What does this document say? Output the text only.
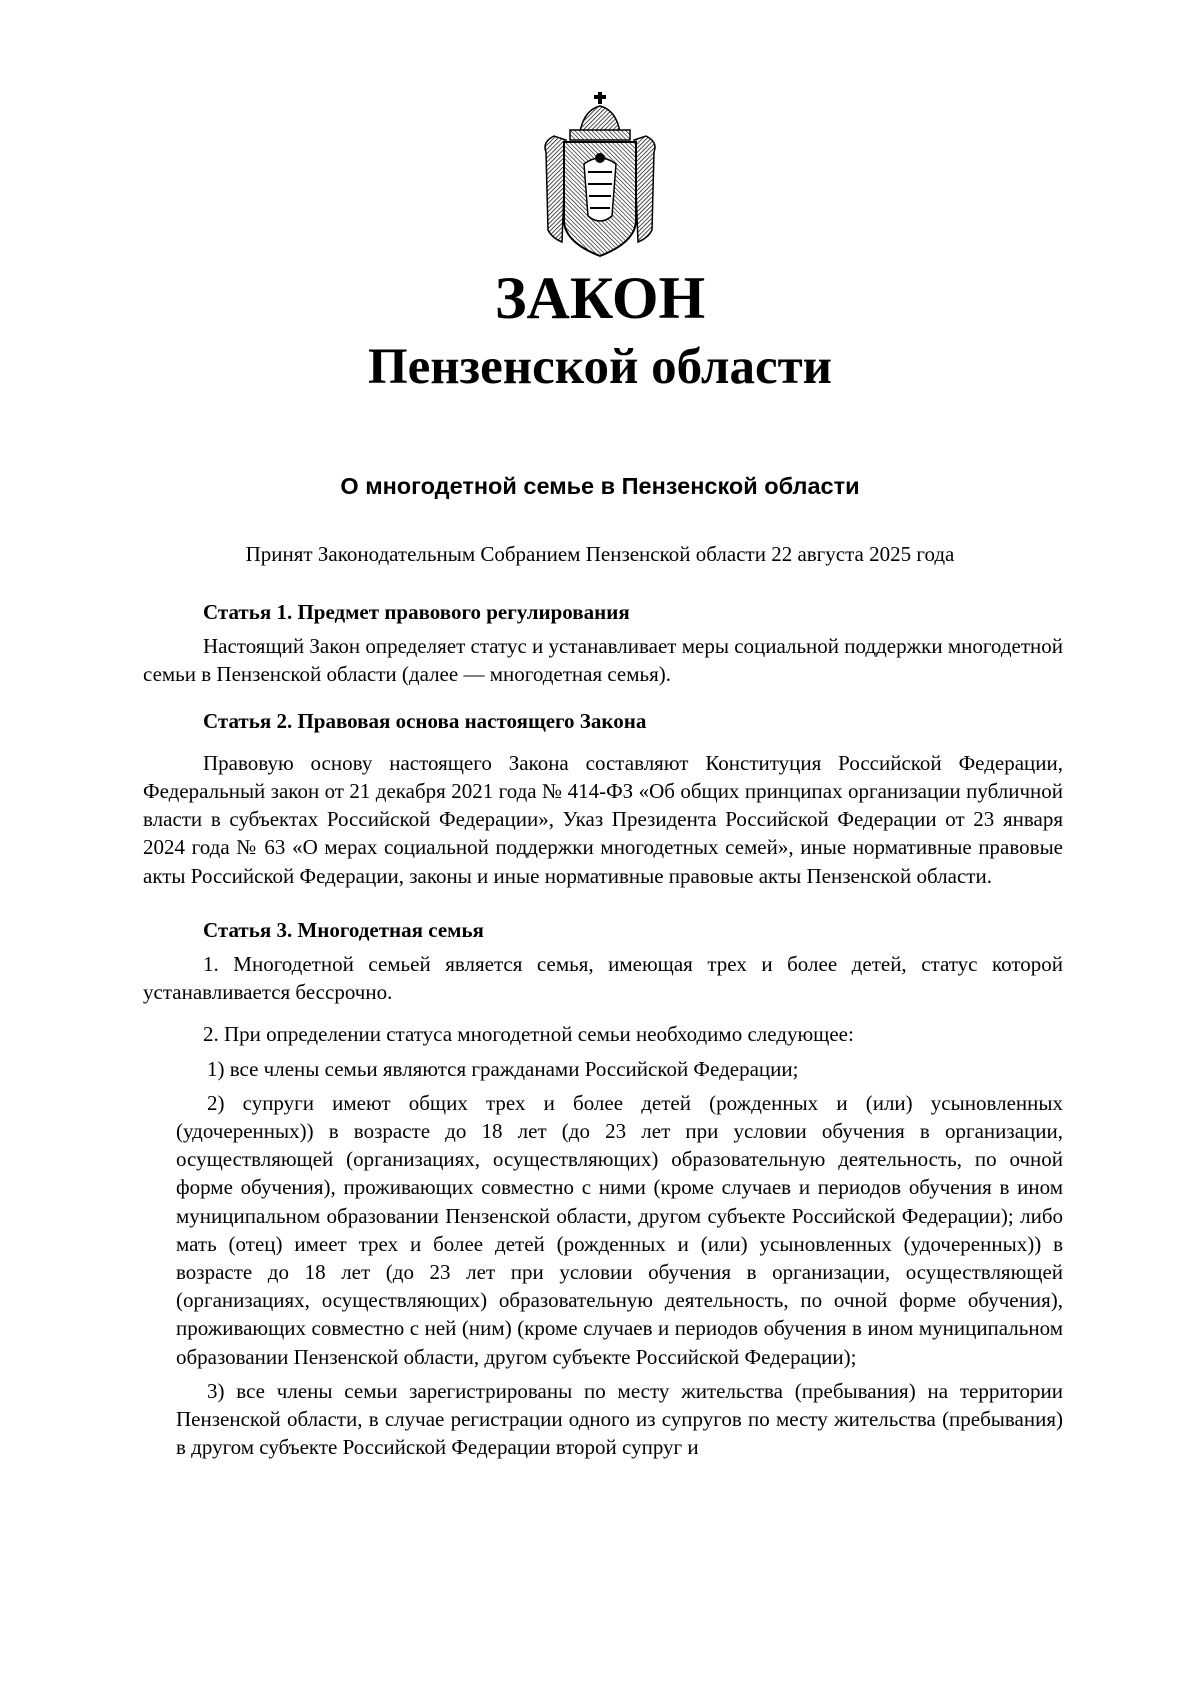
ЗАКОН
Пензенской области
О многодетной семье в Пензенской области

Принят Законодательным Собранием Пензенской области 22 августа 2025 года

Статья 1. Предмет правового регулирования

Настоящий Закон определяет статус и устанавливает меры социальной поддержки многодетной семьи в Пензенской области (далее — многодетная семья).

Статья 2. Правовая основа настоящего Закона

Правовую основу настоящего Закона составляют Конституция Российской Федерации, Федеральный закон от 21 декабря 2021 года № 414-ФЗ «Об общих принципах организации публичной власти в субъектах Российской Федерации», Указ Президента Российской Федерации от 23 января 2024 года № 63 «О мерах социальной поддержки многодетных семей», иные нормативные правовые акты Российской Федерации, законы и иные нормативные правовые акты Пензенской области.

Статья 3. Многодетная семья

1. Многодетной семьей является семья, имеющая трех и более детей, статус которой устанавливается бессрочно.

2. При определении статуса многодетной семьи необходимо следующее:

1) все члены семьи являются гражданами Российской Федерации;

2) супруги имеют общих трех и более детей (рожденных и (или) усыновленных (удочеренных)) в возрасте до 18 лет (до 23 лет при условии обучения в организации, осуществляющей (организациях, осуществляющих) образовательную деятельность, по очной форме обучения), проживающих совместно с ними (кроме случаев и периодов обучения в ином муниципальном образовании Пензенской области, другом субъекте Российской Федерации); либо мать (отец) имеет трех и более детей (рожденных и (или) усыновленных (удочеренных)) в возрасте до 18 лет (до 23 лет при условии обучения в организации, осуществляющей (организациях, осуществляющих) образовательную деятельность, по очной форме обучения), проживающих совместно с ней (ним) (кроме случаев и периодов обучения в ином муниципальном образовании Пензенской области, другом субъекте Российской Федерации);

3) все члены семьи зарегистрированы по месту жительства (пребывания) на территории Пензенской области, в случае регистрации одного из супругов по месту жительства (пребывания) в другом субъекте Российской Федерации второй супруг и
